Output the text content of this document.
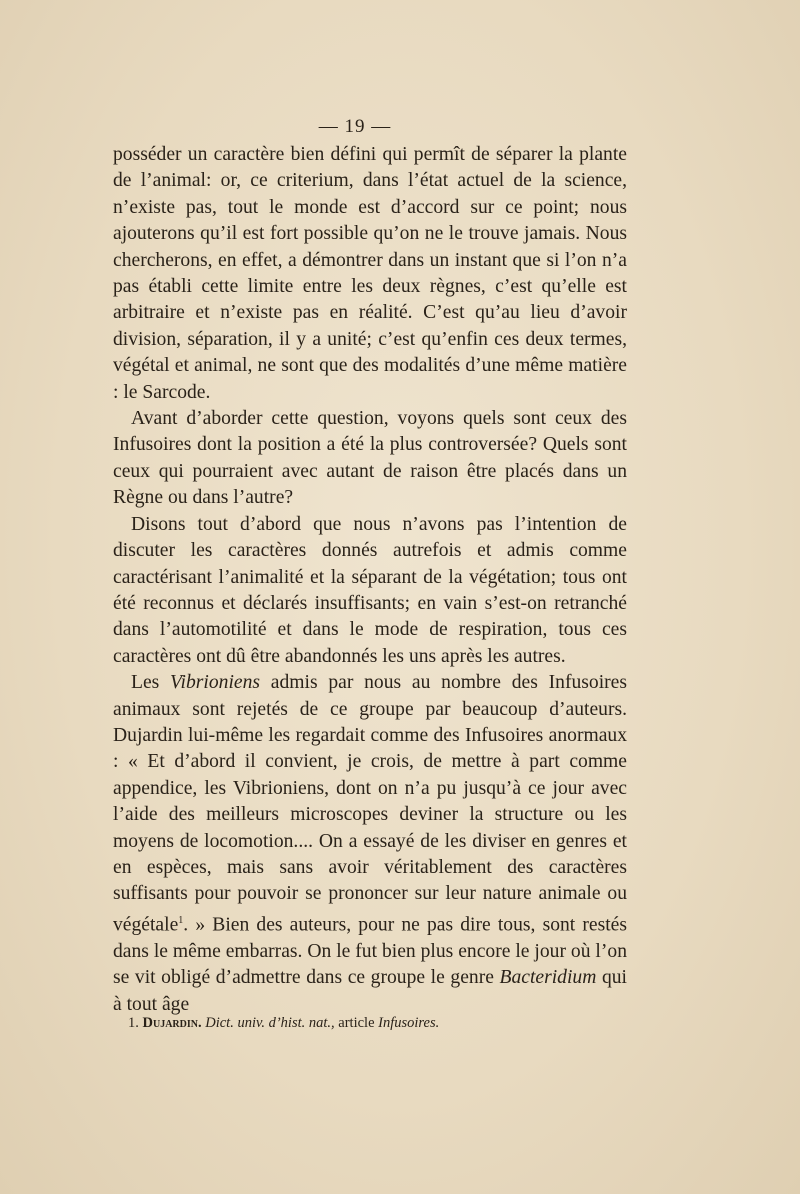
— 19 —

posséder un caractère bien défini qui permît de séparer la plante de l’animal: or, ce criterium, dans l’état actuel de la science, n’existe pas, tout le monde est d’accord sur ce point; nous ajouterons qu’il est fort possible qu’on ne le trouve jamais. Nous chercherons, en effet, a démontrer dans un instant que si l’on n’a pas établi cette limite entre les deux règnes, c’est qu’elle est arbitraire et n’existe pas en réalité. C’est qu’au lieu d’avoir division, séparation, il y a unité; c’est qu’enfin ces deux termes, végétal et animal, ne sont que des modalités d’une même matière : le Sarcode.

Avant d’aborder cette question, voyons quels sont ceux des Infusoires dont la position a été la plus controversée? Quels sont ceux qui pourraient avec autant de raison être placés dans un Règne ou dans l’autre?

Disons tout d’abord que nous n’avons pas l’intention de discuter les caractères donnés autrefois et admis comme caractérisant l’animalité et la séparant de la végétation; tous ont été reconnus et déclarés insuffisants; en vain s’est-on retranché dans l’automotilité et dans le mode de respiration, tous ces caractères ont dû être abandonnés les uns après les autres.

Les Vibrioniens admis par nous au nombre des Infusoires animaux sont rejetés de ce groupe par beaucoup d’auteurs. Dujardin lui-même les regardait comme des Infusoires anormaux : « Et d’abord il convient, je crois, de mettre à part comme appendice, les Vibrioniens, dont on n’a pu jusqu’à ce jour avec l’aide des meilleurs microscopes deviner la structure ou les moyens de locomotion.... On a essayé de les diviser en genres et en espèces, mais sans avoir véritablement des caractères suffisants pour pouvoir se prononcer sur leur nature animale ou végétale$^1$. » Bien des auteurs, pour ne pas dire tous, sont restés dans le même embarras. On le fut bien plus encore le jour où l’on se vit obligé d’admettre dans ce groupe le genre Bacteridium qui à tout âge

1. Dujardin. Dict. univ. d’hist. nat., article Infusoires.
